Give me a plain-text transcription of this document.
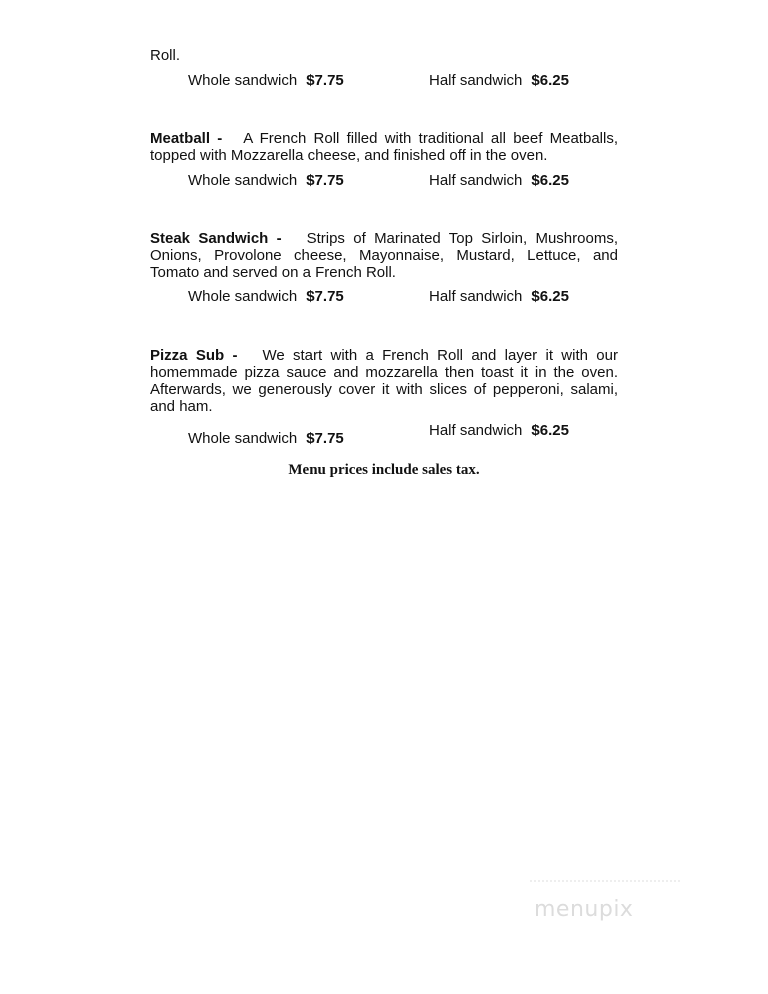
Roll.
Whole sandwich $7.75	Half sandwich $6.25

Meatball - A French Roll filled with traditional all beef Meatballs, topped with Mozzarella cheese, and finished off in the oven.

Whole sandwich $7.75	Half sandwich $6.25

Steak Sandwich - Strips of Marinated Top Sirloin, Mushrooms, Onions, Provolone cheese, Mayonnaise, Mustard, Lettuce, and Tomato and served on a French Roll.

Whole sandwich $7.75	Half sandwich $6.25

Pizza Sub - We start with a French Roll and layer it with our homemmade pizza sauce and mozzarella then toast it in the oven. Afterwards, we generously cover it with slices of pepperoni, salami, and ham.

Half sandwich $6.25
Whole sandwich $7.75
Menu prices include sales tax.
menupix
